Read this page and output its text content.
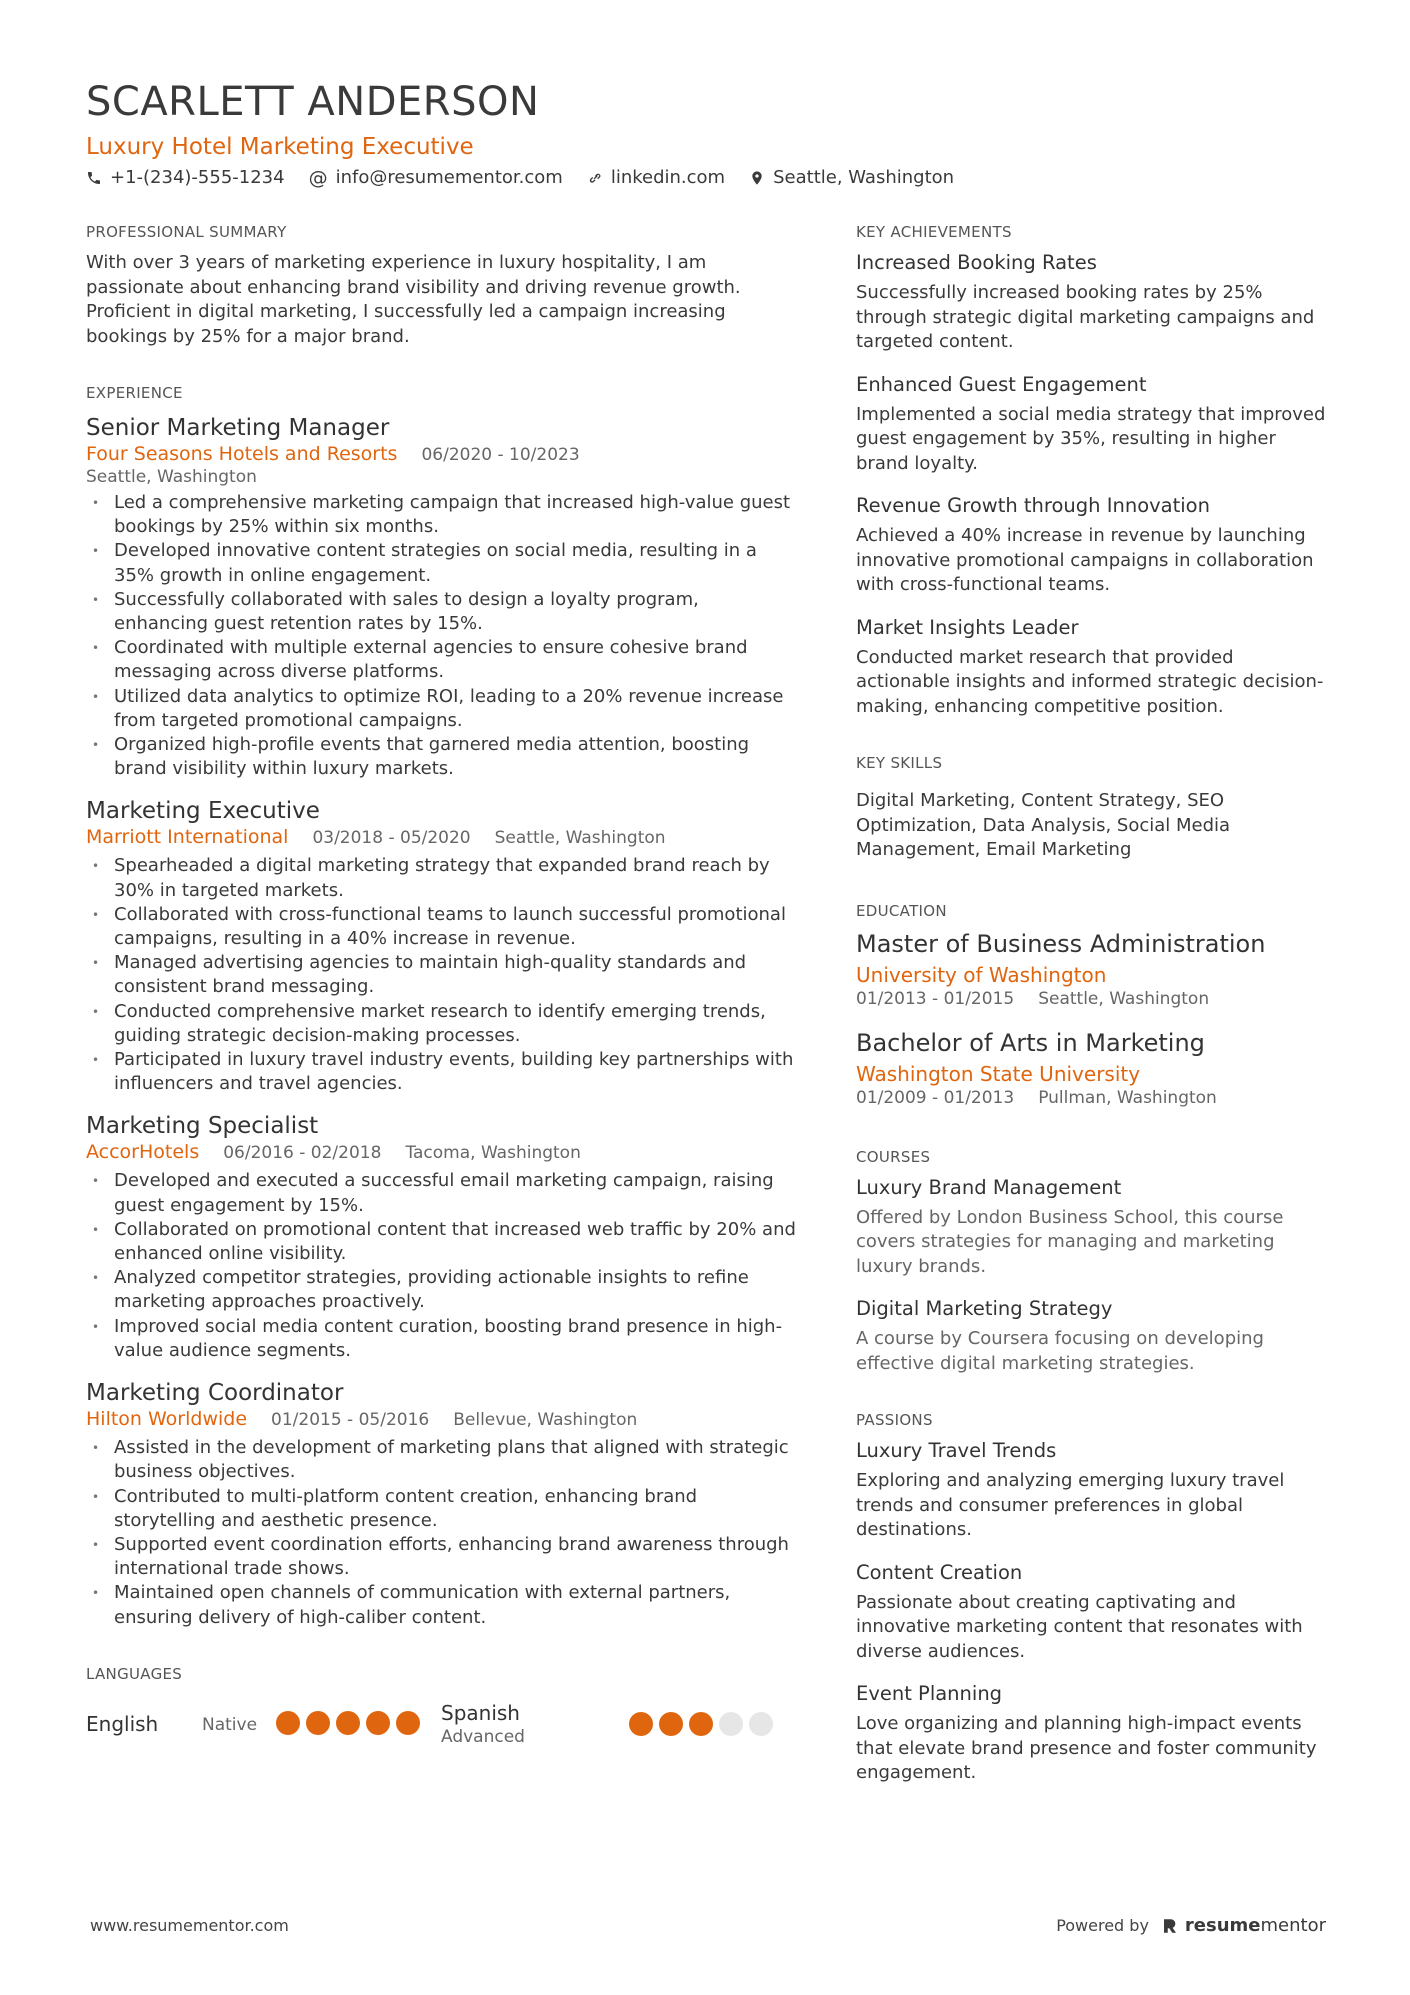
SCARLETT ANDERSON
Luxury Hotel Marketing Executive
+1-(234)-555-1234 @ info@resumementor.com	linkedin.com	Seattle, Washington
PROFESSIONAL SUMMARY
With over 3 years of marketing experience in luxury hospitality, I am passionate about enhancing brand visibility and driving revenue growth. Proficient in digital marketing, I successfully led a campaign increasing bookings by 25% for a major brand.
EXPERIENCE
Senior Marketing Manager
Four Seasons Hotels and Resorts 06/2020 - 10/2023
Seattle, Washington
• Led a comprehensive marketing campaign that increased high-value guest bookings by 25% within six months.
• Developed innovative content strategies on social media, resulting in a 35% growth in online engagement.
• Successfully collaborated with sales to design a loyalty program, enhancing guest retention rates by 15%.
• Coordinated with multiple external agencies to ensure cohesive brand messaging across diverse platforms.
• Utilized data analytics to optimize ROI, leading to a 20% revenue increase from targeted promotional campaigns.
• Organized high-profile events that garnered media attention, boosting brand visibility within luxury markets.
Marketing Executive
Marriott International 03/2018 - 05/2020 Seattle, Washington
• Spearheaded a digital marketing strategy that expanded brand reach by 30% in targeted markets.
• Collaborated with cross-functional teams to launch successful promotional campaigns, resulting in a 40% increase in revenue.
• Managed advertising agencies to maintain high-quality standards and consistent brand messaging.
• Conducted comprehensive market research to identify emerging trends, guiding strategic decision-making processes.
• Participated in luxury travel industry events, building key partnerships with influencers and travel agencies.
Marketing Specialist
AccorHotels 06/2016 - 02/2018 Tacoma, Washington
• Developed and executed a successful email marketing campaign, raising guest engagement by 15%.
• Collaborated on promotional content that increased web traffic by 20% and enhanced online visibility.
• Analyzed competitor strategies, providing actionable insights to refine marketing approaches proactively.
• Improved social media content curation, boosting brand presence in high-value audience segments.
Marketing Coordinator
Hilton Worldwide 01/2015 - 05/2016 Bellevue, Washington
• Assisted in the development of marketing plans that aligned with strategic business objectives.
• Contributed to multi-platform content creation, enhancing brand storytelling and aesthetic presence.
• Supported event coordination efforts, enhancing brand awareness through international trade shows.
• Maintained open channels of communication with external partners, ensuring delivery of high-caliber content.
LANGUAGES
English	Native	Spanish
Advanced
KEY ACHIEVEMENTS
Increased Booking Rates
Successfully increased booking rates by 25% through strategic digital marketing campaigns and targeted content.
Enhanced Guest Engagement
Implemented a social media strategy that improved guest engagement by 35%, resulting in higher brand loyalty.
Revenue Growth through Innovation
Achieved a 40% increase in revenue by launching innovative promotional campaigns in collaboration with cross-functional teams.
Market Insights Leader
Conducted market research that provided actionable insights and informed strategic decision-making, enhancing competitive position.
KEY SKILLS
Digital Marketing, Content Strategy, SEO Optimization, Data Analysis, Social Media Management, Email Marketing
EDUCATION
Master of Business Administration
University of Washington
01/2013 - 01/2015 Seattle, Washington
Bachelor of Arts in Marketing
Washington State University
01/2009 - 01/2013 Pullman, Washington
COURSES
Luxury Brand Management
Offered by London Business School, this course covers strategies for managing and marketing luxury brands.
Digital Marketing Strategy
A course by Coursera focusing on developing effective digital marketing strategies.
PASSIONS
Luxury Travel Trends
Exploring and analyzing emerging luxury travel trends and consumer preferences in global destinations.
Content Creation
Passionate about creating captivating and innovative marketing content that resonates with diverse audiences.
Event Planning
Love organizing and planning high-impact events that elevate brand presence and foster community engagement.
www.resumementor.com	Powered by resumementor
